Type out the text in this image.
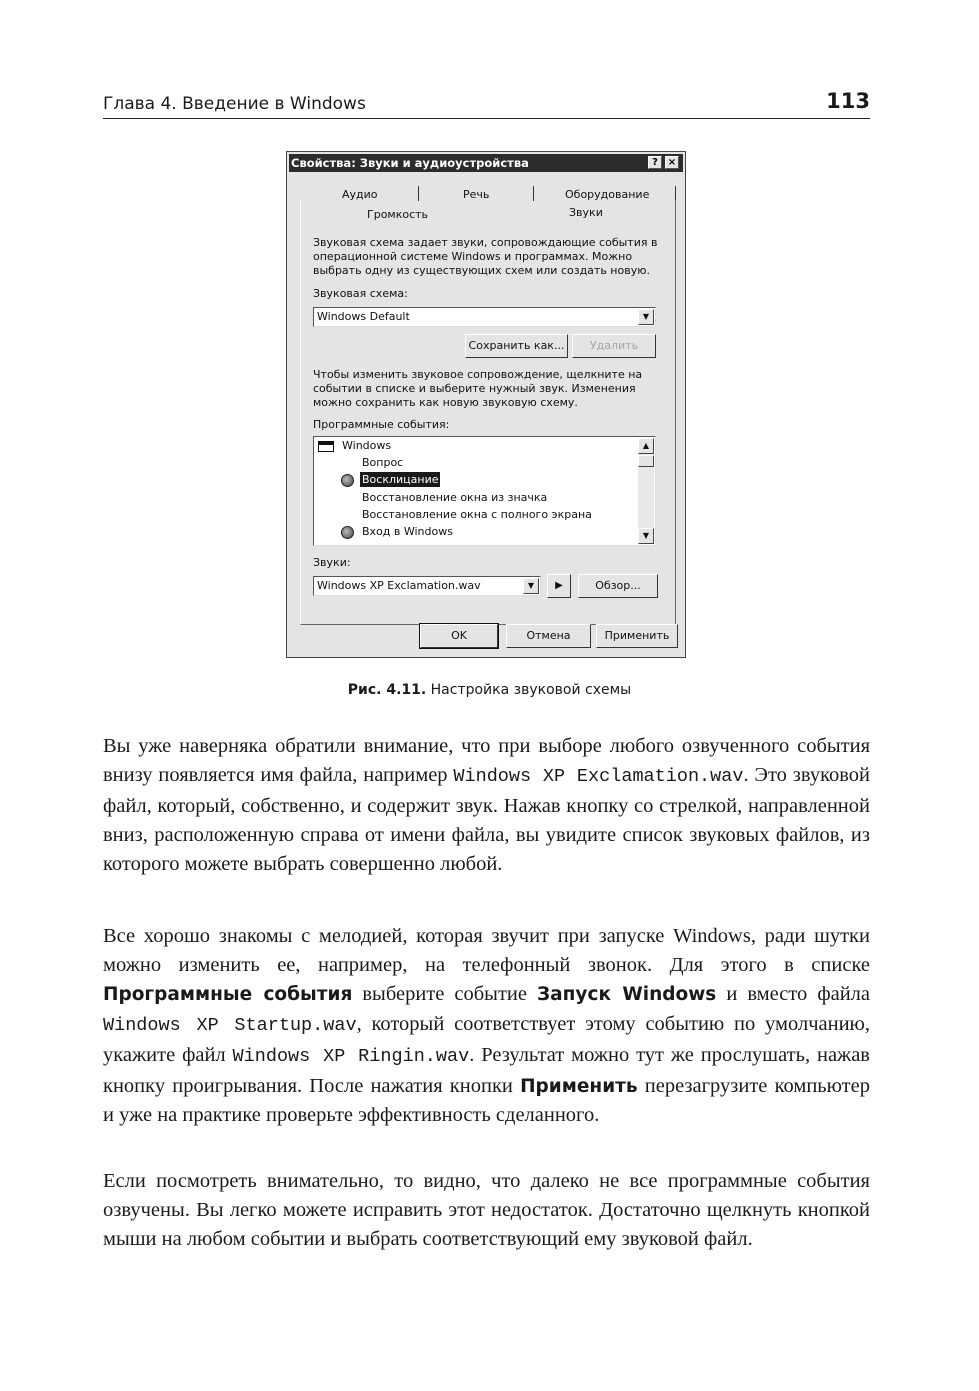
Глава 4. Введение в Windows	113
Свойства: Звуки и аудиоустройства	? ×
Аудио	Речь	Оборудование
Громкость	Звуки
Звуковая схема задает звуки, сопровождающие события в
операционной системе Windows и программах. Можно
выбрать одну из существующих схем или создать новую.
Звуковая схема:
Windows Default	▼
Сохранить как...	Удалить
Чтобы изменить звуковое сопровождение, щелкните на
событии в списке и выберите нужный звук. Изменения
можно сохранить как новую звуковую схему.
Программные события:
Windows
Вопрос
Восклицание
Восстановление окна из значка
Восстановление окна с полного экрана
Вход в Windows
▲
▼
Звуки:
Windows XP Exclamation.wav	▼	▶	Обзор...
OK	Отмена	Применить
Рис. 4.11. Настройка звуковой схемы
Вы уже наверняка обратили внимание, что при выборе любого озвученного события внизу появляется имя файла, например Windows XP Exclamation.wav. Это звуковой файл, который, собственно, и содержит звук. Нажав кнопку со стрелкой, направленной вниз, расположенную справа от имени файла, вы увидите список звуковых файлов, из которого можете выбрать совершенно любой.
Все хорошо знакомы с мелодией, которая звучит при запуске Windows, ради шутки можно изменить ее, например, на телефонный звонок. Для этого в списке Программные события выберите событие Запуск Windows и вместо файла Windows XP Startup.wav, который соответствует этому событию по умолчанию, укажите файл Windows XP Ringin.wav. Результат можно тут же прослушать, нажав кнопку проигрывания. После нажатия кнопки Применить перезагрузите компьютер и уже на практике проверьте эффективность сделанного.
Если посмотреть внимательно, то видно, что далеко не все программные события озвучены. Вы легко можете исправить этот недостаток. Достаточно щелкнуть кнопкой мыши на любом событии и выбрать соответствующий ему звуковой файл.
